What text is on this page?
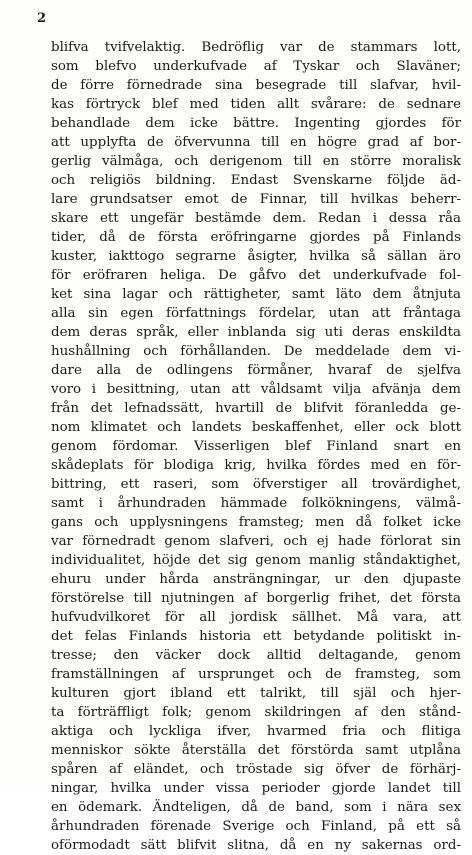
2
blifva tvifvelaktig. Bedröflig var de stammars lott,
som blefvo underkufvade af Tyskar och Slaväner;
de förre förnedrade sina besegrade till slafvar, hvil-
kas förtryck blef med tiden allt svårare: de sednare
behandlade dem icke bättre. Ingenting gjordes för
att upplyfta de öfvervunna till en högre grad af bor-
gerlig välmåga, och derigenom till en större moralisk
och religiös bildning. Endast Svenskarne följde äd-
lare grundsatser emot de Finnar, till hvilkas beherr-
skare ett ungefär bestämde dem. Redan i dessa råa
tider, då de första eröfringarne gjordes på Finlands
kuster, iakttogo segrarne åsigter, hvilka så sällan äro
för eröfraren heliga. De gåfvo det underkufvade fol-
ket sina lagar och rättigheter, samt läto dem åtnjuta
alla sin egen författnings fördelar, utan att fråntaga
dem deras språk, eller inblanda sig uti deras enskildta
hushållning och förhållanden. De meddelade dem vi-
dare alla de odlingens förmåner, hvaraf de sjelfva
voro i besittning, utan att våldsamt vilja afvänja dem
från det lefnadssätt, hvartill de blifvit föranledda ge-
nom klimatet och landets beskaffenhet, eller ock blott
genom fördomar. Visserligen blef Finland snart en
skådeplats för blodiga krig, hvilka fördes med en för-
bittring, ett raseri, som öfverstiger all trovärdighet,
samt i århundraden hämmade folkökningens, välmå-
gans och upplysningens framsteg; men då folket icke
var förnedradt genom slafveri, och ej hade förlorat sin
individualitet, höjde det sig genom manlig ståndaktighet,
ehuru under hårda ansträngningar, ur den djupaste
förstörelse till njutningen af borgerlig frihet, det första
hufvudvilkoret för all jordisk sällhet. Må vara, att
det felas Finlands historia ett betydande politiskt in-
tresse; den väcker dock alltid deltagande, genom
framställningen af ursprunget och de framsteg, som
kulturen gjort ibland ett talrikt, till själ och hjer-
ta förträffligt folk; genom skildringen af den stånd-
aktiga och lyckliga ifver, hvarmed fria och flitiga
menniskor sökte återställa det förstörda samt utplåna
spåren af eländet, och tröstade sig öfver de förhärj-
ningar, hvilka under vissa perioder gjorde landet till
en ödemark. Ändteligen, då de band, som i nära sex
århundraden förenade Sverige och Finland, på ett så
oförmodadt sätt blifvit slitna, då en ny sakernas ord-
